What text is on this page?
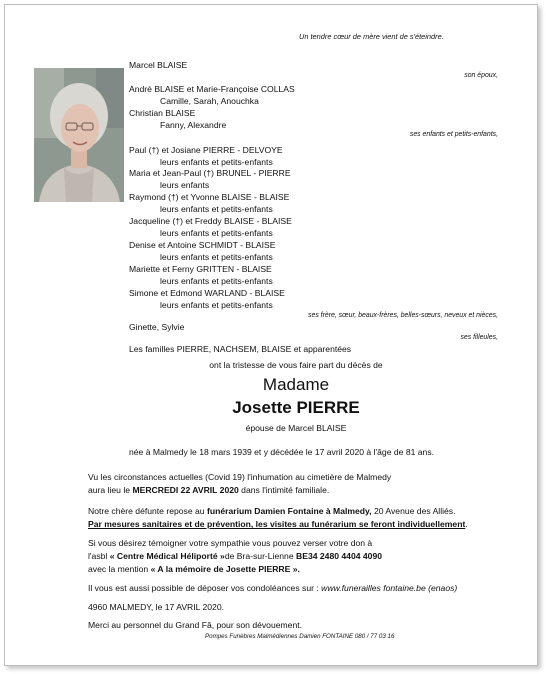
Un tendre cœur de mère vient de s'éteindre.
Marcel BLAISE
son époux,
André BLAISE et Marie-Françoise COLLAS
Camille, Sarah, Anouchka
Christian BLAISE
Fanny, Alexandre
ses enfants et petits-enfants,
Paul (†) et Josiane PIERRE - DELVOYE
leurs enfants et petits-enfants
Maria et Jean-Paul (†) BRUNEL - PIERRE
leurs enfants
Raymond (†) et Yvonne BLAISE - BLAISE
leurs enfants et petits-enfants
Jacqueline (†) et Freddy BLAISE - BLAISE
leurs enfants et petits-enfants
Denise et Antoine SCHMIDT - BLAISE
leurs enfants et petits-enfants
Mariette et Ferny GRITTEN - BLAISE
leurs enfants et petits-enfants
Simone et Edmond WARLAND - BLAISE
leurs enfants et petits-enfants
ses frère, sœur, beaux-frères, belles-sœurs, neveux et nièces,
Ginette, Sylvie
ses filleules,
Les familles PIERRE, NACHSEM, BLAISE et apparentées
ont la tristesse de vous faire part du décès de
Madame
Josette PIERRE
épouse de Marcel BLAISE
née à Malmedy le 18 mars 1939 et y décédée le 17 avril 2020 à l'âge de 81 ans.
Vu les circonstances actuelles (Covid 19) l'inhumation au cimetière de Malmedy
aura lieu le MERCREDI 22 AVRIL 2020 dans l'intimité familiale.
Notre chère défunte repose au funérarium Damien Fontaine à Malmedy, 20 Avenue des Alliés.
Par mesures sanitaires et de prévention, les visites au funérarium se feront individuellement.
Si vous désirez témoigner votre sympathie vous pouvez verser votre don à
l'asbl « Centre Médical Héliporté »de Bra-sur-Lienne BE34 2480 4404 4090
avec la mention « A la mémoire de Josette PIERRE ».
Il vous est aussi possible de déposer vos condoléances sur : www.funerailles fontaine.be (enaos)
4960 MALMEDY, le 17 AVRIL 2020.
Merci au personnel du Grand Fâ, pour son dévouement.
Pompes Funèbres Malmédiennes Damien FONTAINE 080 / 77 03 16
